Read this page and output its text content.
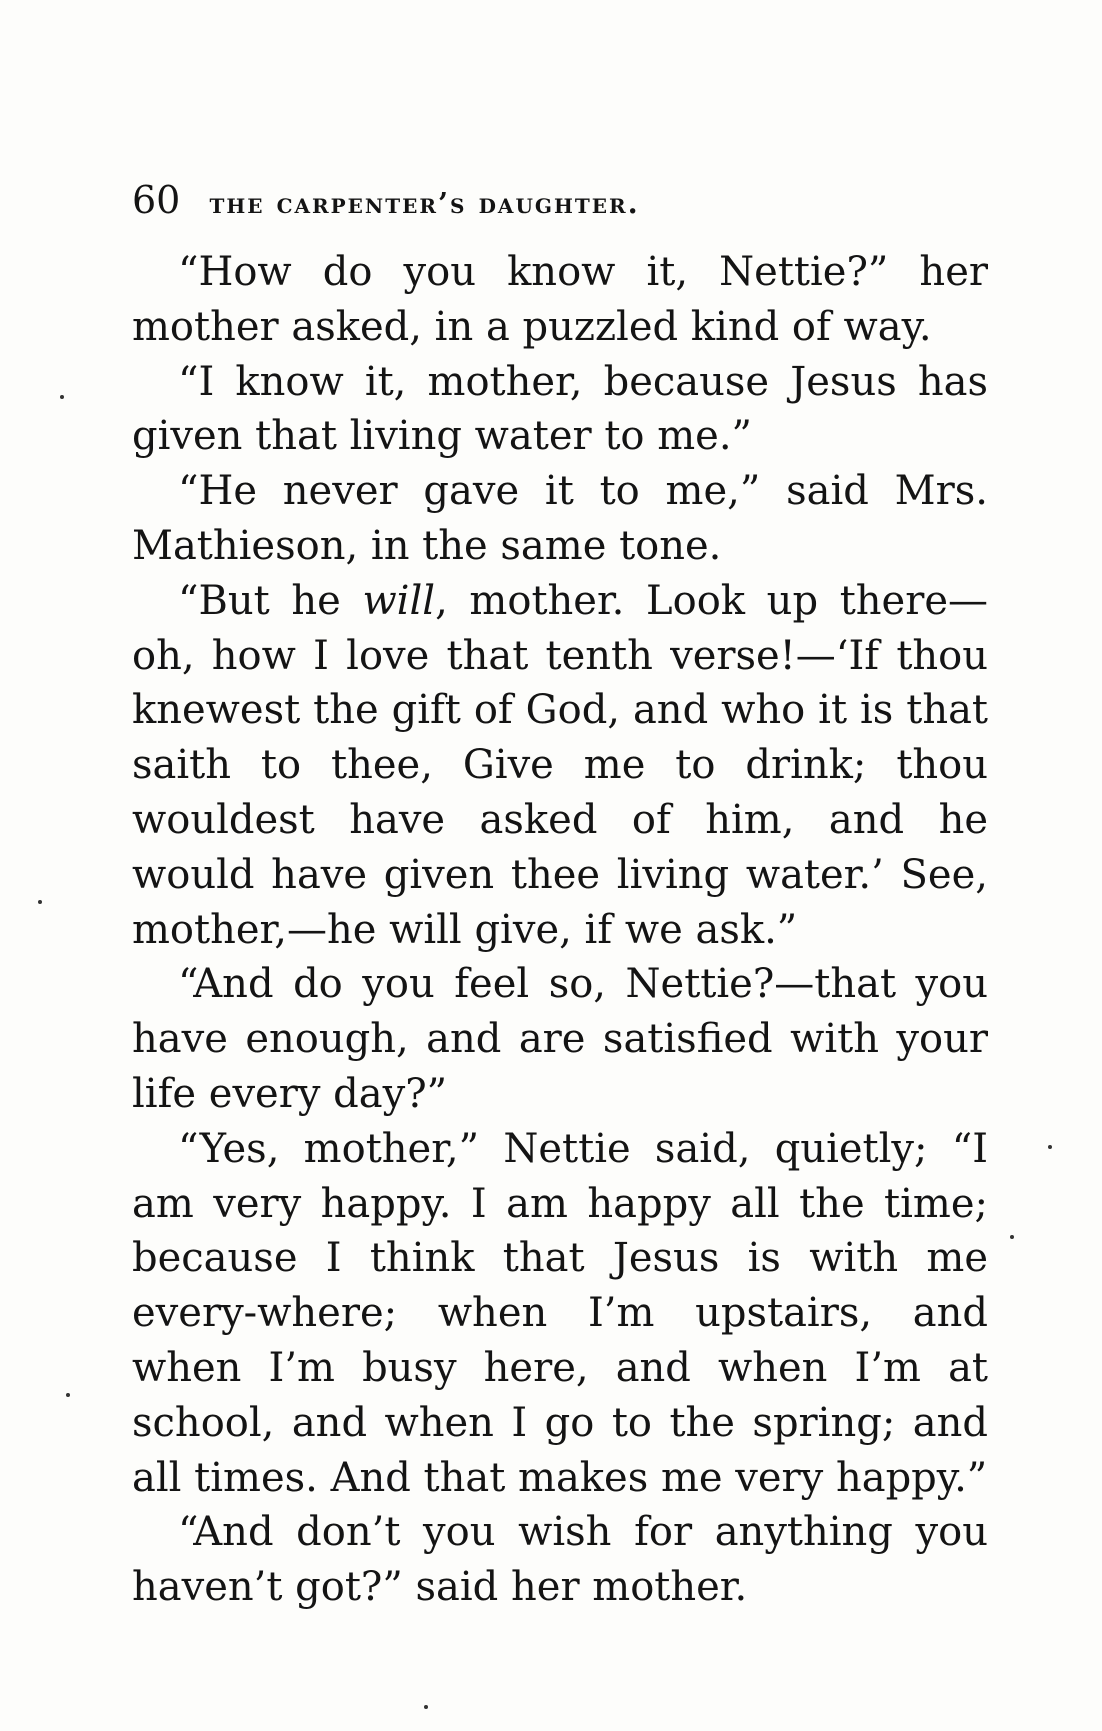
60 the carpenter’s daughter.

“How do you know it, Nettie?” her mother asked, in a puzzled kind of way.

“I know it, mother, because Jesus has given that living water to me.”

“He never gave it to me,” said Mrs. Mathieson, in the same tone.

“But he will, mother. Look up there—oh, how I love that tenth verse!—‘If thou knewest the gift of God, and who it is that saith to thee, Give me to drink; thou wouldest have asked of him, and he would have given thee living water.’ See, mother,—he will give, if we ask.”

“And do you feel so, Nettie?—that you have enough, and are satisfied with your life every day?”

“Yes, mother,” Nettie said, quietly; “I am very happy. I am happy all the time; because I think that Jesus is with me every-where; when I’m upstairs, and when I’m busy here, and when I’m at school, and when I go to the spring; and all times. And that makes me very happy.”

“And don’t you wish for anything you haven’t got?” said her mother.
